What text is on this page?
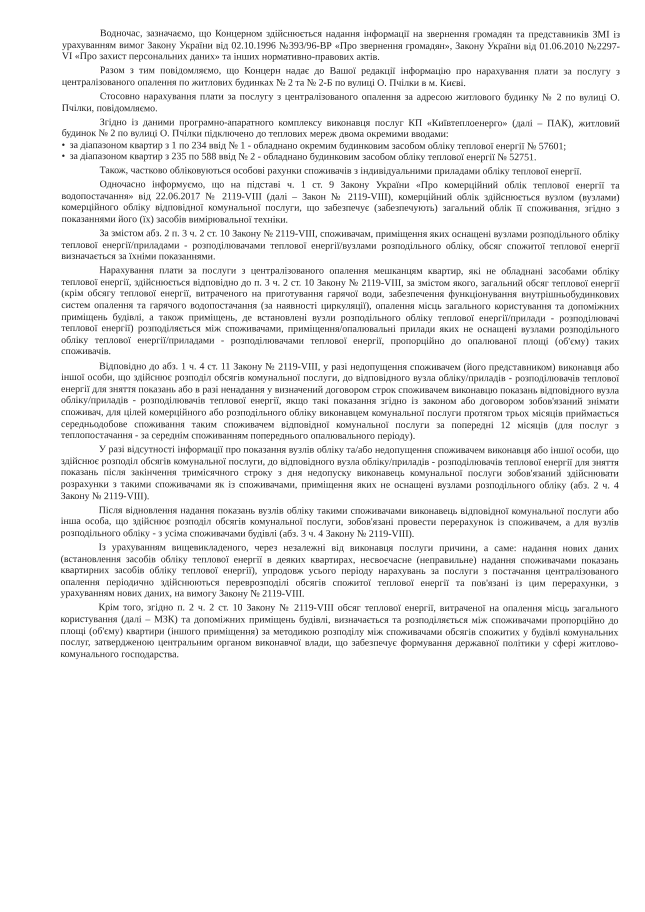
Водночас, зазначаємо, що Концерном здійснюється надання інформації на звернення громадян та представників ЗМІ із урахуванням вимог Закону України від 02.10.1996 №393/96-ВР «Про звернення громадян», Закону України від 01.06.2010 №2297-VI «Про захист персональних даних» та інших нормативно-правових актів.

Разом з тим повідомляємо, що Концерн надає до Вашої редакції інформацію про нарахування плати за послугу з централізованого опалення по житлових будинках № 2 та № 2-Б по вулиці О. Пчілки в м. Києві.

Стосовно нарахування плати за послугу з централізованого опалення за адресою житлового будинку № 2 по вулиці О. Пчілки, повідомляємо.

Згідно із даними програмно-апаратного комплексу виконавця послуг КП «Київтеплоенерго» (далі – ПАК), житловий будинок № 2 по вулиці О. Пчілки підключено до теплових мереж двома окремими вводами:

• за діапазоном квартир з 1 по 234 ввід № 1 - обладнано окремим будинковим засобом обліку теплової енергії № 57601;
• за діапазоном квартир з 235 по 588 ввід № 2 - обладнано будинковим засобом обліку теплової енергії № 52751.

Також, частково обліковуються особові рахунки споживачів з індивідуальними приладами обліку теплової енергії.

Одночасно інформуємо, що на підставі ч. 1 ст. 9 Закону України «Про комерційний облік теплової енергії та водопостачання» від 22.06.2017 № 2119-VIII (далі – Закон № 2119-VIII), комерційний облік здійснюється вузлом (вузлами) комерційного обліку відповідної комунальної послуги, що забезпечує (забезпечують) загальний облік її споживання, згідно з показаннями його (їх) засобів вимірювальної техніки.

За змістом абз. 2 п. 3 ч. 2 ст. 10 Закону № 2119-VIII, споживачам, приміщення яких оснащені вузлами розподільного обліку теплової енергії/приладами - розподілювачами теплової енергії/вузлами розподільного обліку, обсяг спожитої теплової енергії визначається за їхніми показаннями.

Нарахування плати за послуги з централізованого опалення мешканцям квартир, які не обладнані засобами обліку теплової енергії, здійснюється відповідно до п. 3 ч. 2 ст. 10 Закону № 2119-VIII, за змістом якого, загальний обсяг теплової енергії (крім обсягу теплової енергії, витраченого на приготування гарячої води, забезпечення функціонування внутрішньобудинкових систем опалення та гарячого водопостачання (за наявності циркуляції), опалення місць загального користування та допоміжних приміщень будівлі, а також приміщень, де встановлені вузли розподільного обліку теплової енергії/прилади - розподілювачі теплової енергії) розподіляється між споживачами, приміщення/опалювальні прилади яких не оснащені вузлами розподільного обліку теплової енергії/приладами - розподілювачами теплової енергії, пропорційно до опалюваної площі (об'єму) таких споживачів.

Відповідно до абз. 1 ч. 4 ст. 11 Закону № 2119-VIII, у разі недопущення споживачем (його представником) виконавця або іншої особи, що здійснює розподіл обсягів комунальної послуги, до відповідного вузла обліку/приладів - розподілювачів теплової енергії для зняття показань або в разі ненадання у визначений договором строк споживачем виконавцю показань відповідного вузла обліку/приладів - розподілювачів теплової енергії, якщо такі показання згідно із законом або договором зобов'язаний знімати споживач, для цілей комерційного або розподільного обліку виконавцем комунальної послуги протягом трьох місяців приймається середньодобове споживання таким споживачем відповідної комунальної послуги за попередні 12 місяців (для послуг з теплопостачання - за середнім споживанням попереднього опалювального періоду).

У разі відсутності інформації про показання вузлів обліку та/або недопущення споживачем виконавця або іншої особи, що здійснює розподіл обсягів комунальної послуги, до відповідного вузла обліку/приладів - розподілювачів теплової енергії для зняття показань після закінчення тримісячного строку з дня недопуску виконавець комунальної послуги зобов'язаний здійснювати розрахунки з такими споживачами як із споживачами, приміщення яких не оснащені вузлами розподільного обліку (абз. 2 ч. 4 Закону № 2119-VIII).

Після відновлення надання показань вузлів обліку такими споживачами виконавець відповідної комунальної послуги або інша особа, що здійснює розподіл обсягів комунальної послуги, зобов'язані провести перерахунок із споживачем, а для вузлів розподільного обліку - з усіма споживачами будівлі (абз. 3 ч. 4 Закону № 2119-VIII).

Із урахуванням вищевикладеного, через незалежні від виконавця послуги причини, а саме: надання нових даних (встановлення засобів обліку теплової енергії в деяких квартирах, несвоєчасне (неправильне) надання споживачами показань квартирних засобів обліку теплової енергії), упродовж усього періоду нарахувань за послуги з постачання централізованого опалення періодично здійснюються переврозподілі обсягів спожитої теплової енергії та пов'язані із цим перерахунки, з урахуванням нових даних, на вимогу Закону № 2119-VIII.

Крім того, згідно п. 2 ч. 2 ст. 10 Закону № 2119-VIII обсяг теплової енергії, витраченої на опалення місць загального користування (далі – МЗК) та допоміжних приміщень будівлі, визначається та розподіляється між споживачами пропорційно до площі (об'єму) квартири (іншого приміщення) за методикою розподілу між споживачами обсягів спожитих у будівлі комунальних послуг, затвердженою центральним органом виконавчої влади, що забезпечує формування державної політики у сфері житлово-комунального господарства.
